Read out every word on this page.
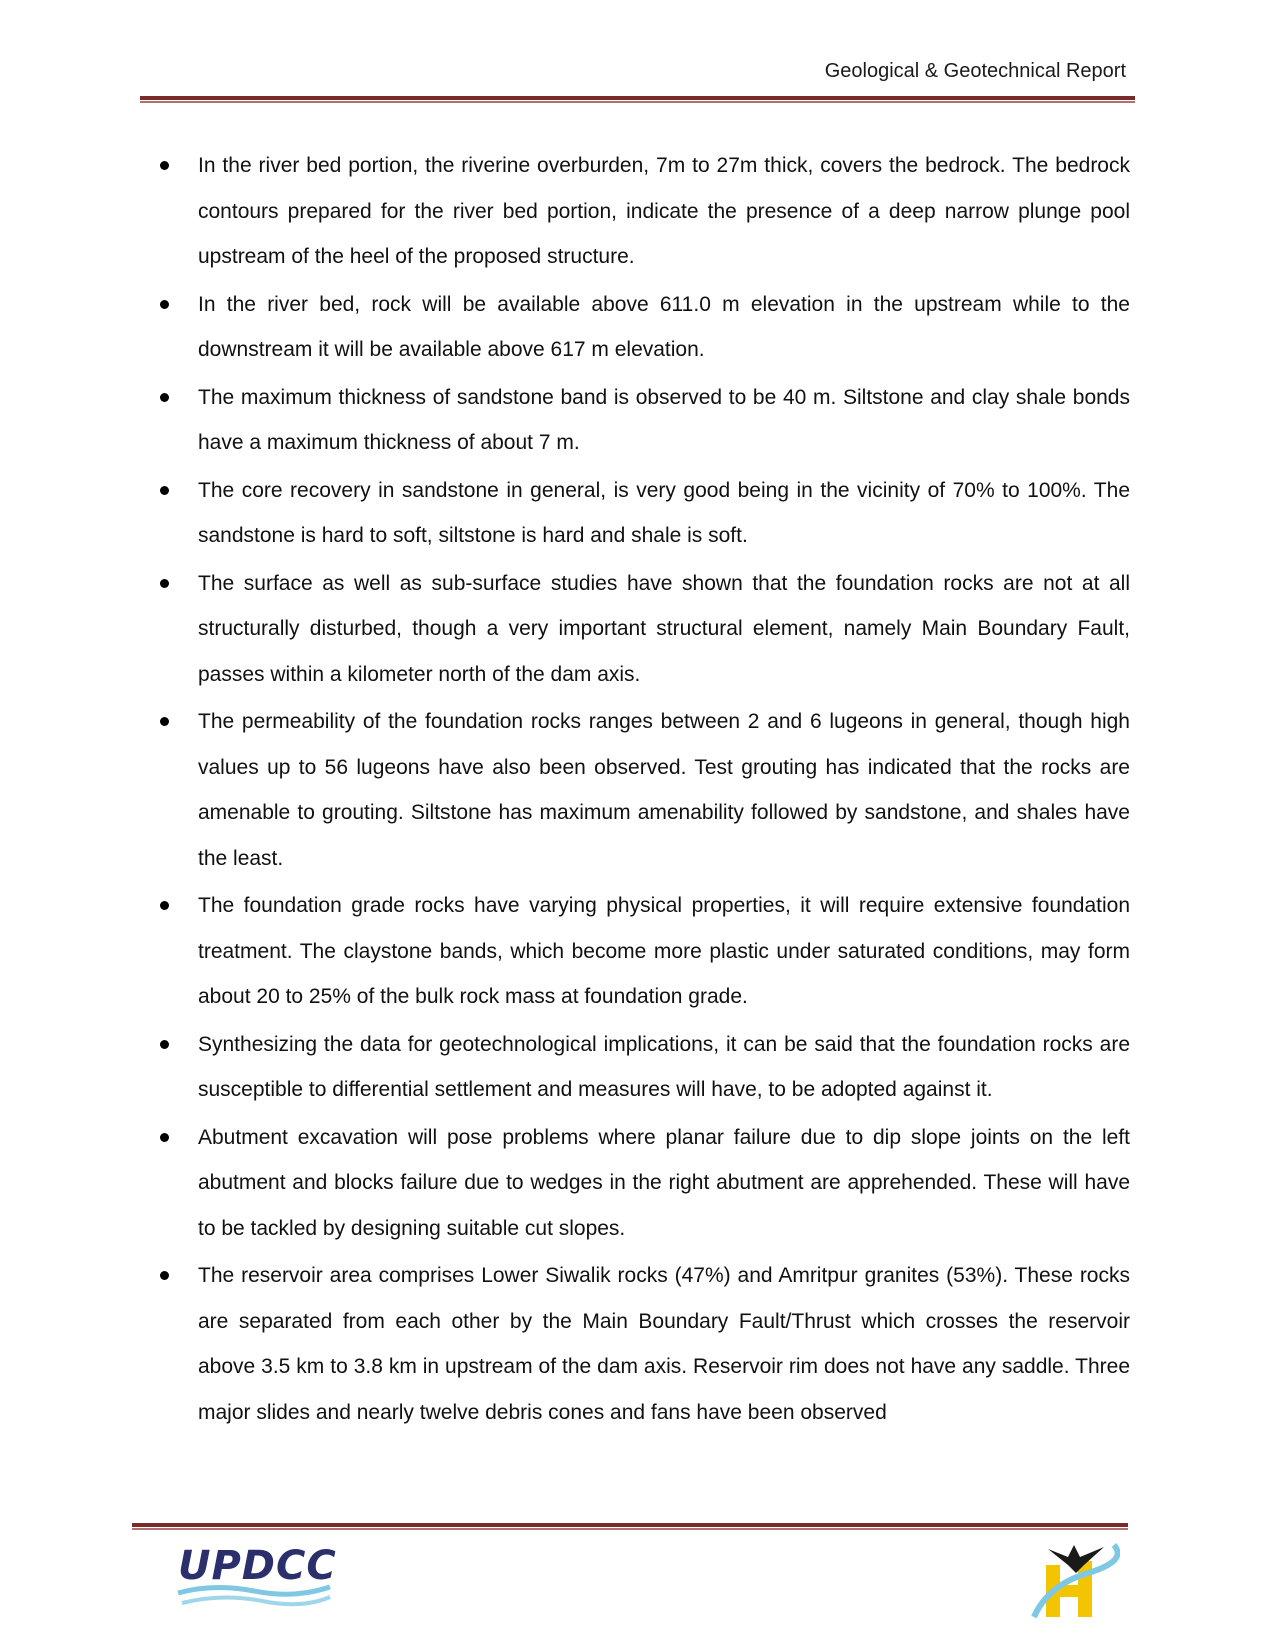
Geological & Geotechnical Report
In the river bed portion, the riverine overburden, 7m to 27m thick, covers the bedrock. The bedrock contours prepared for the river bed portion, indicate the presence of a deep narrow plunge pool upstream of the heel of the proposed structure.
In the river bed, rock will be available above 611.0 m elevation in the upstream while to the downstream it will be available above 617 m elevation.
The maximum thickness of sandstone band is observed to be 40 m. Siltstone and clay shale bonds have a maximum thickness of about 7 m.
The core recovery in sandstone in general, is very good being in the vicinity of 70% to 100%. The sandstone is hard to soft, siltstone is hard and shale is soft.
The surface as well as sub-surface studies have shown that the foundation rocks are not at all structurally disturbed, though a very important structural element, namely Main Boundary Fault, passes within a kilometer north of the dam axis.
The permeability of the foundation rocks ranges between 2 and 6 lugeons in general, though high values up to 56 lugeons have also been observed. Test grouting has indicated that the rocks are amenable to grouting. Siltstone has maximum amenability followed by sandstone, and shales have the least.
The foundation grade rocks have varying physical properties, it will require extensive foundation treatment. The claystone bands, which become more plastic under saturated conditions, may form about 20 to 25% of the bulk rock mass at foundation grade.
Synthesizing the data for geotechnological implications, it can be said that the foundation rocks are susceptible to differential settlement and measures will have, to be adopted against it.
Abutment excavation will pose problems where planar failure due to dip slope joints on the left abutment and blocks failure due to wedges in the right abutment are apprehended. These will have to be tackled by designing suitable cut slopes.
The reservoir area comprises Lower Siwalik rocks (47%) and Amritpur granites (53%). These rocks are separated from each other by the Main Boundary Fault/Thrust which crosses the reservoir above 3.5 km to 3.8 km in upstream of the dam axis. Reservoir rim does not have any saddle. Three major slides and nearly twelve debris cones and fans have been observed
UPDCC
